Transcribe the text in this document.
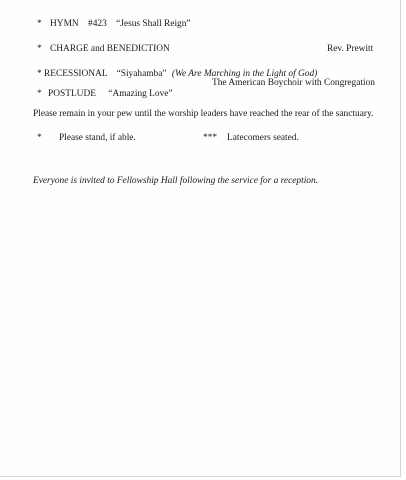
* HYMN #423 “Jesus Shall Reign”
* CHARGE and BENEDICTION	Rev. Prewitt
* RECESSIONAL “Siyahamba” (We Are Marching in the Light of God)
The American Boychoir with Congregation
* POSTLUDE “Amazing Love”
Please remain in your pew until the worship leaders have reached the rear of the sanctuary.
* Please stand, if able.	*** Latecomers seated.
Everyone is invited to Fellowship Hall following the service for a reception.
